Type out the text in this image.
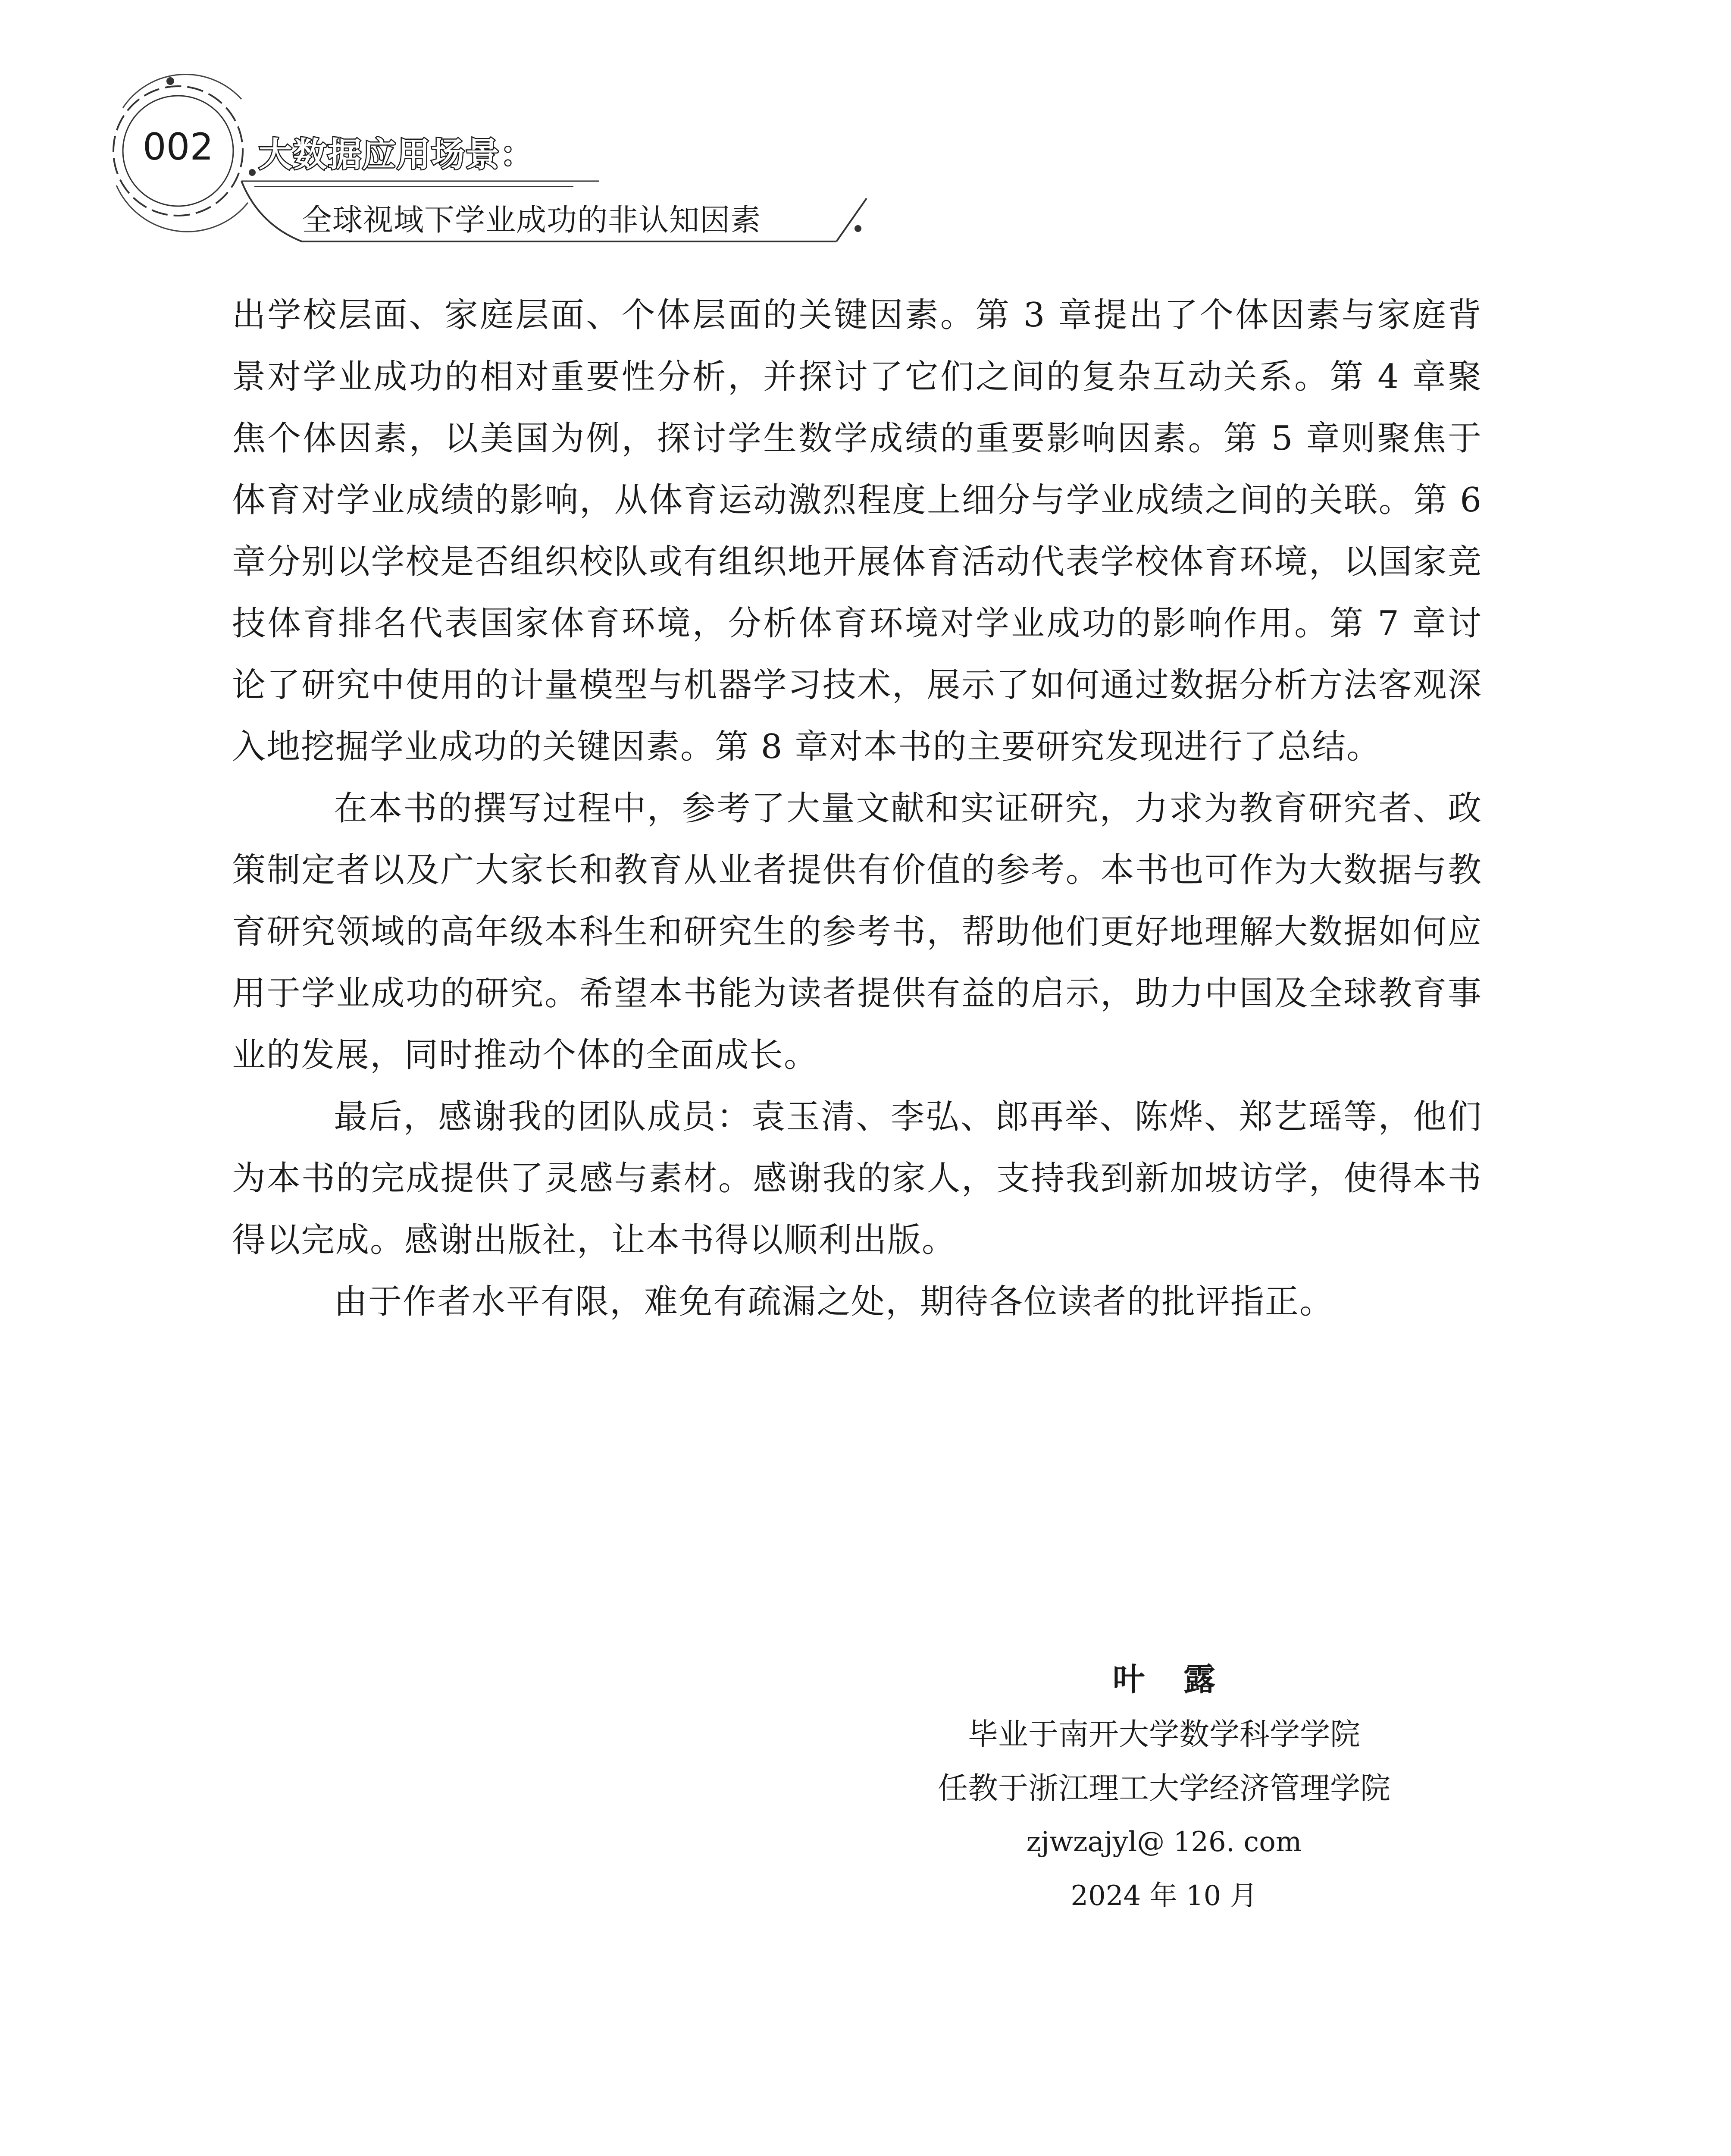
002 大数据应用场景：
全球视域下学业成功的非认知因素

出学校层面、家庭层面、个体层面的关键因素。第 3 章提出了个体因素与家庭背景对学业成功的相对重要性分析，并探讨了它们之间的复杂互动关系。第 4 章聚焦个体因素，以美国为例，探讨学生数学成绩的重要影响因素。第 5 章则聚焦于体育对学业成绩的影响，从体育运动激烈程度上细分与学业成绩之间的关联。第 6 章分别以学校是否组织校队或有组织地开展体育活动代表学校体育环境，以国家竞技体育排名代表国家体育环境，分析体育环境对学业成功的影响作用。第 7 章讨论了研究中使用的计量模型与机器学习技术，展示了如何通过数据分析方法客观深入地挖掘学业成功的关键因素。第 8 章对本书的主要研究发现进行了总结。

在本书的撰写过程中，参考了大量文献和实证研究，力求为教育研究者、政策制定者以及广大家长和教育从业者提供有价值的参考。本书也可作为大数据与教育研究领域的高年级本科生和研究生的参考书，帮助他们更好地理解大数据如何应用于学业成功的研究。希望本书能为读者提供有益的启示，助力中国及全球教育事业的发展，同时推动个体的全面成长。

最后，感谢我的团队成员：袁玉清、李弘、郎再举、陈烨、郑艺瑶等，他们为本书的完成提供了灵感与素材。感谢我的家人，支持我到新加坡访学，使得本书得以完成。感谢出版社，让本书得以顺利出版。

由于作者水平有限，难免有疏漏之处，期待各位读者的批评指正。

叶露
毕业于南开大学数学科学学院
任教于浙江理工大学经济管理学院
zjwzajyl@ 126. com
2024 年 10 月
